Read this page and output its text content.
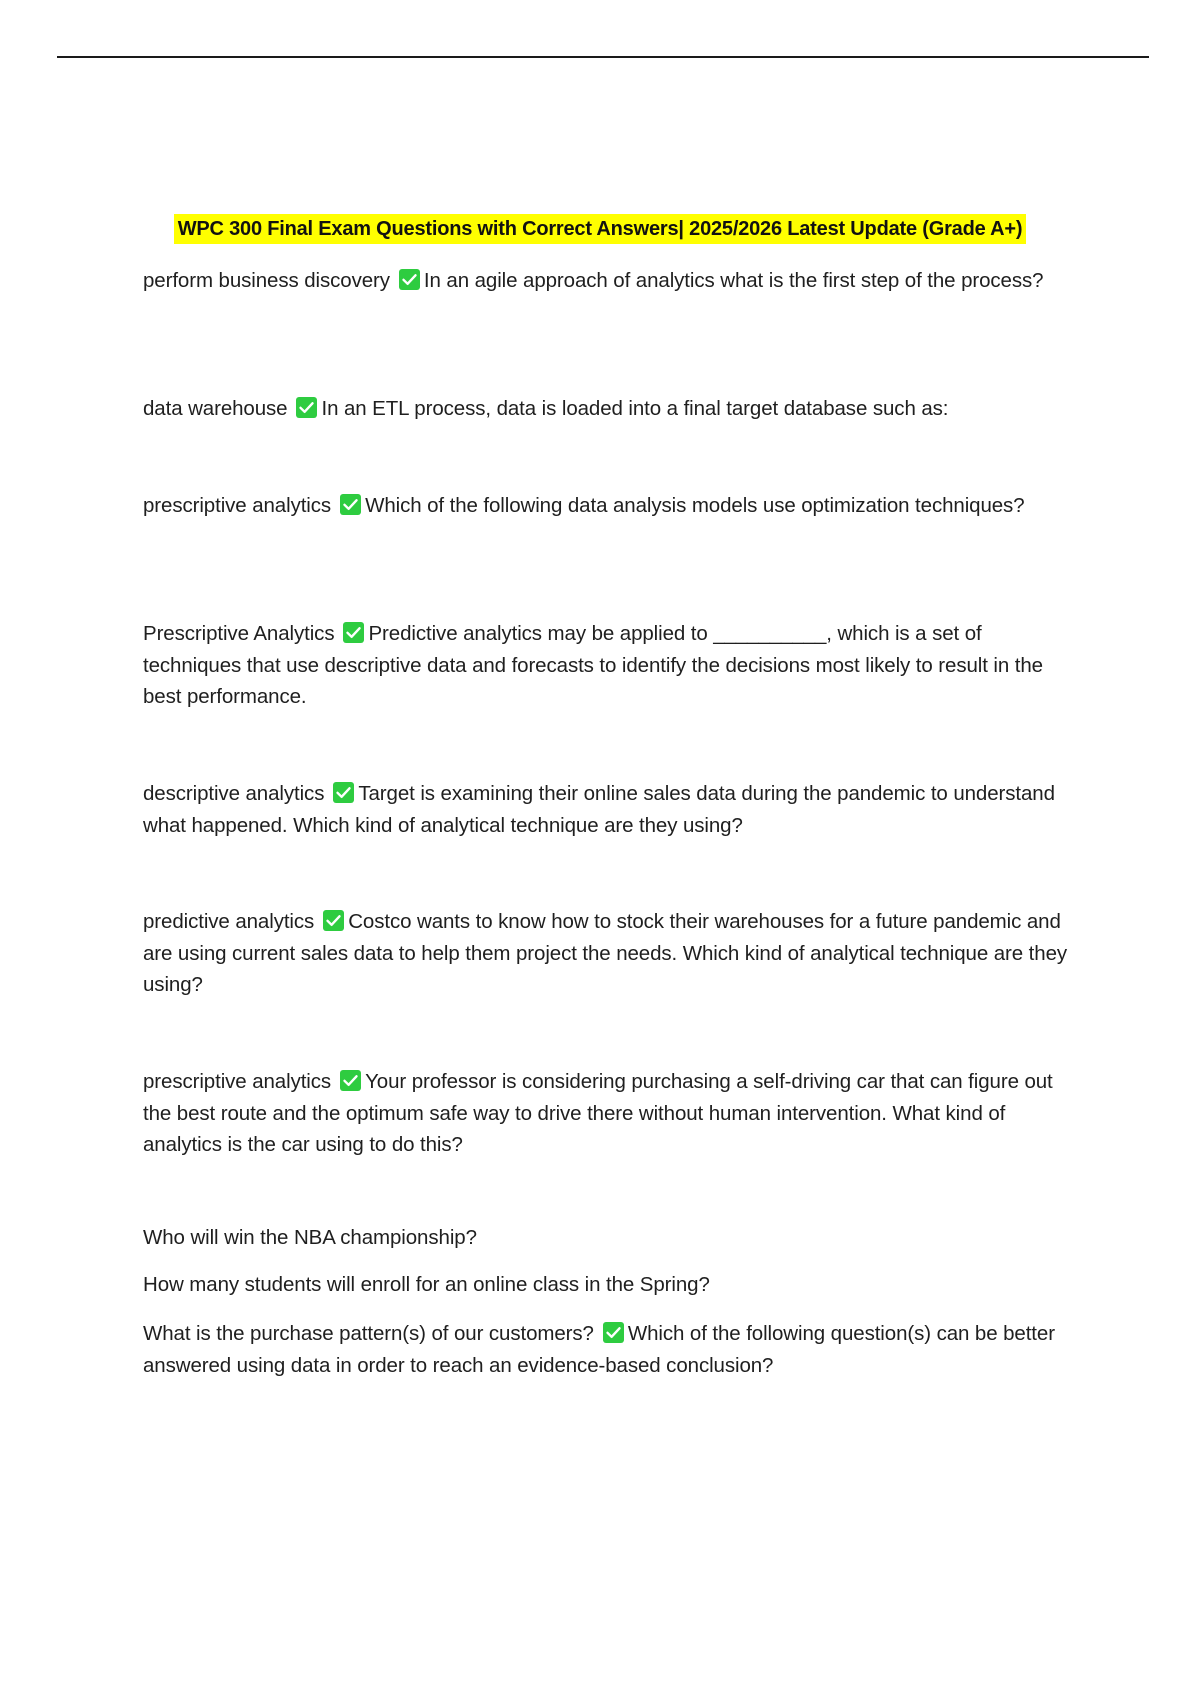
WPC 300 Final Exam Questions with Correct Answers| 2025/2026 Latest Update (Grade A+)

perform business discovery In an agile approach of analytics what is the first step of the process?

data warehouse In an ETL process, data is loaded into a final target database such as:

prescriptive analytics Which of the following data analysis models use optimization techniques?

Prescriptive Analytics Predictive analytics may be applied to __________, which is a set of techniques that use descriptive data and forecasts to identify the decisions most likely to result in the best performance.

descriptive analytics Target is examining their online sales data during the pandemic to understand what happened. Which kind of analytical technique are they using?

predictive analytics Costco wants to know how to stock their warehouses for a future pandemic and are using current sales data to help them project the needs. Which kind of analytical technique are they using?

prescriptive analytics Your professor is considering purchasing a self-driving car that can figure out the best route and the optimum safe way to drive there without human intervention. What kind of analytics is the car using to do this?

Who will win the NBA championship?

How many students will enroll for an online class in the Spring?

What is the purchase pattern(s) of our customers? Which of the following question(s) can be better answered using data in order to reach an evidence-based conclusion?
